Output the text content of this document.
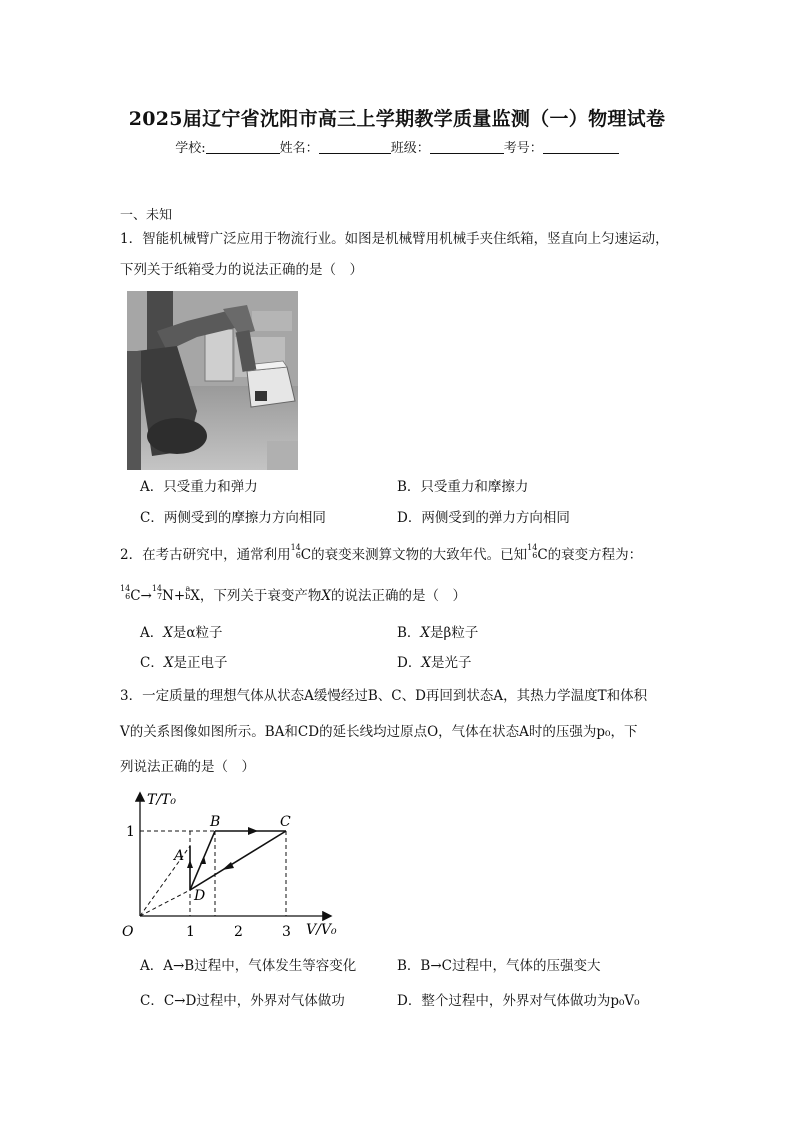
2025届辽宁省沈阳市高三上学期教学质量监测（一）物理试卷
学校:	姓名：	班级：	考号：
一、未知
1．智能机械臂广泛应用于物流行业。如图是机械臂用机械手夹住纸箱，竖直向上匀速运动，
下列关于纸箱受力的说法正确的是（　）
A．只受重力和弹力	B．只受重力和摩擦力
C．两侧受到的摩擦力方向相同	D．两侧受到的弹力方向相同
2．在考古研究中，通常利用14
6C的衰变来测算文物的大致年代。已知14
6C的衰变方程为：
14
6C→14
7N+a
bX，下列关于衰变产物X的说法正确的是（　）
A．X是α粒子	B．X是β粒子
C．X是正电子	D．X是光子
3．一定质量的理想气体从状态A缓慢经过B、C、D再回到状态A，其热力学温度T和体积
V的关系图像如图所示。BA和CD的延长线均过原点O，气体在状态A时的压强为p₀，下
列说法正确的是（　）
T/T₀
V/V₀
O
1
1	2	3
A
B	C
D
A．A→B过程中，气体发生等容变化	B．B→C过程中，气体的压强变大
C．C→D过程中，外界对气体做功	D．整个过程中，外界对气体做功为p₀V₀
